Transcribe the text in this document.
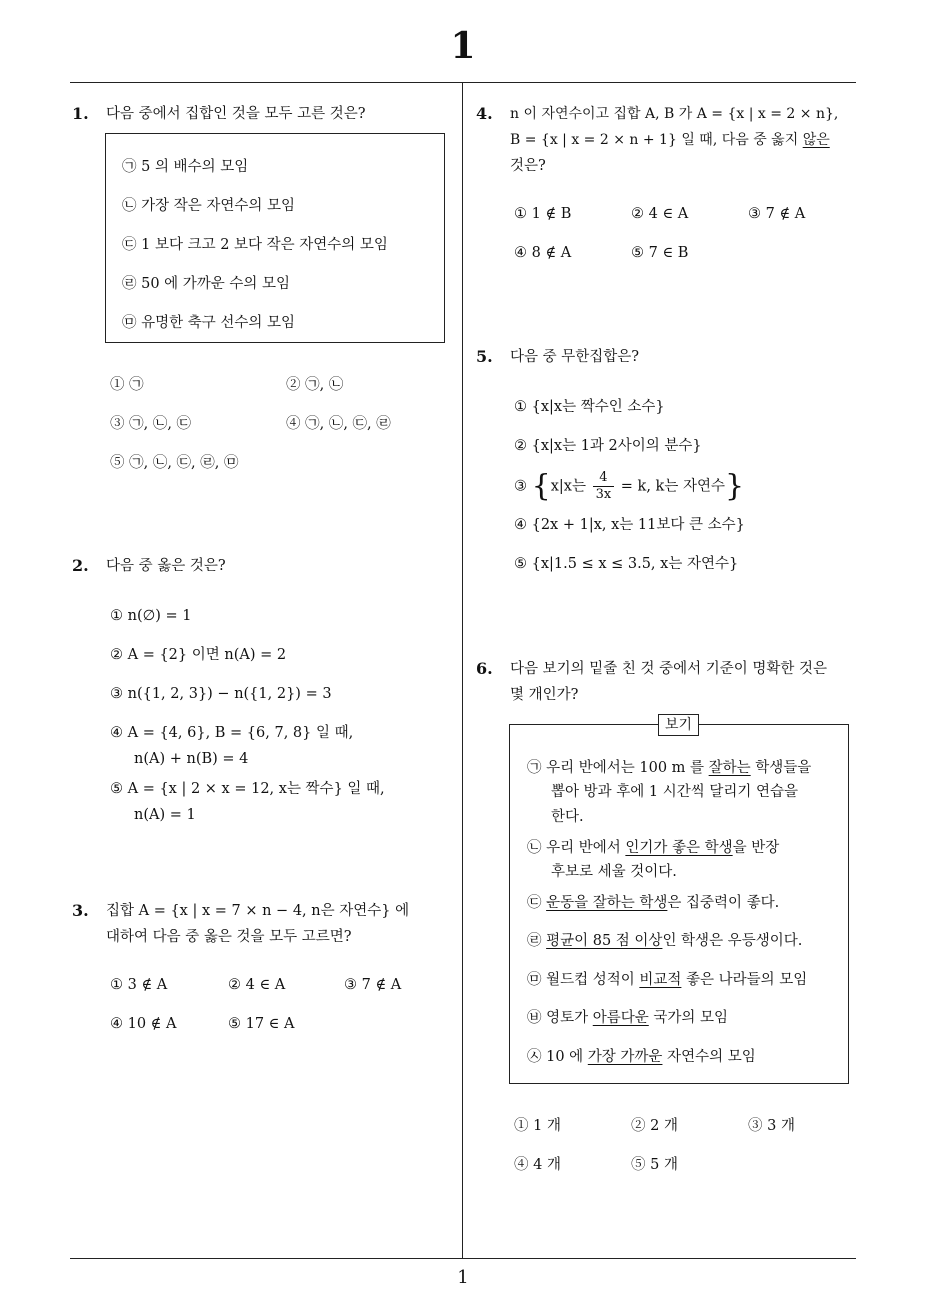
1
1
1. 다음 중에서 집합인 것을 모두 고른 것은?
㉠ 5 의 배수의 모임
㉡ 가장 작은 자연수의 모임
㉢ 1 보다 크고 2 보다 작은 자연수의 모임
㉣ 50 에 가까운 수의 모임
㉤ 유명한 축구 선수의 모임
① ㉠	② ㉠, ㉡
③ ㉠, ㉡, ㉢	④ ㉠, ㉡, ㉢, ㉣
⑤ ㉠, ㉡, ㉢, ㉣, ㉤
2. 다음 중 옳은 것은?
① n(∅) = 1
② A = {2} 이면 n(A) = 2
③ n({1, 2, 3}) − n({1, 2}) = 3
④ A = {4, 6}, B = {6, 7, 8} 일 때,
n(A) + n(B) = 4
⑤ A = {x | 2 × x = 12, x는 짝수} 일 때,
n(A) = 1
3. 집합 A = {x | x = 7 × n − 4, n은 자연수} 에
대하여 다음 중 옳은 것을 모두 고르면?
① 3 ∉ A	② 4 ∈ A	③ 7 ∉ A
④ 10 ∉ A	⑤ 17 ∈ A
4. n 이 자연수이고 집합 A, B 가 A = {x | x = 2 × n},
B = {x | x = 2 × n + 1} 일 때, 다음 중 옳지 않은
것은?
① 1 ∉ B	② 4 ∈ A	③ 7 ∉ A
④ 8 ∉ A	⑤ 7 ∈ B
5. 다음 중 무한집합은?
① {x|x는 짝수인 소수}
② {x|x는 1과 2사이의 분수}
③ {x|x는 $\frac{4}{3x} = k$, k는 자연수}
④ {2x + 1|x, x는 11보다 큰 소수}
⑤ {x|1.5 ≤ x ≤ 3.5, x는 자연수}
6. 다음 보기의 밑줄 친 것 중에서 기준이 명확한 것은
몇 개인가?
보기
㉠ 우리 반에서는 100 m 를 잘하는 학생들을
뽑아 방과 후에 1 시간씩 달리기 연습을
한다.
㉡ 우리 반에서 인기가 좋은 학생을 반장
후보로 세울 것이다.
㉢ 운동을 잘하는 학생은 집중력이 좋다.
㉣ 평균이 85 점 이상인 학생은 우등생이다.
㉤ 월드컵 성적이 비교적 좋은 나라들의 모임
㉥ 영토가 아름다운 국가의 모임
㉦ 10 에 가장 가까운 자연수의 모임
① 1 개	② 2 개	③ 3 개
④ 4 개	⑤ 5 개
